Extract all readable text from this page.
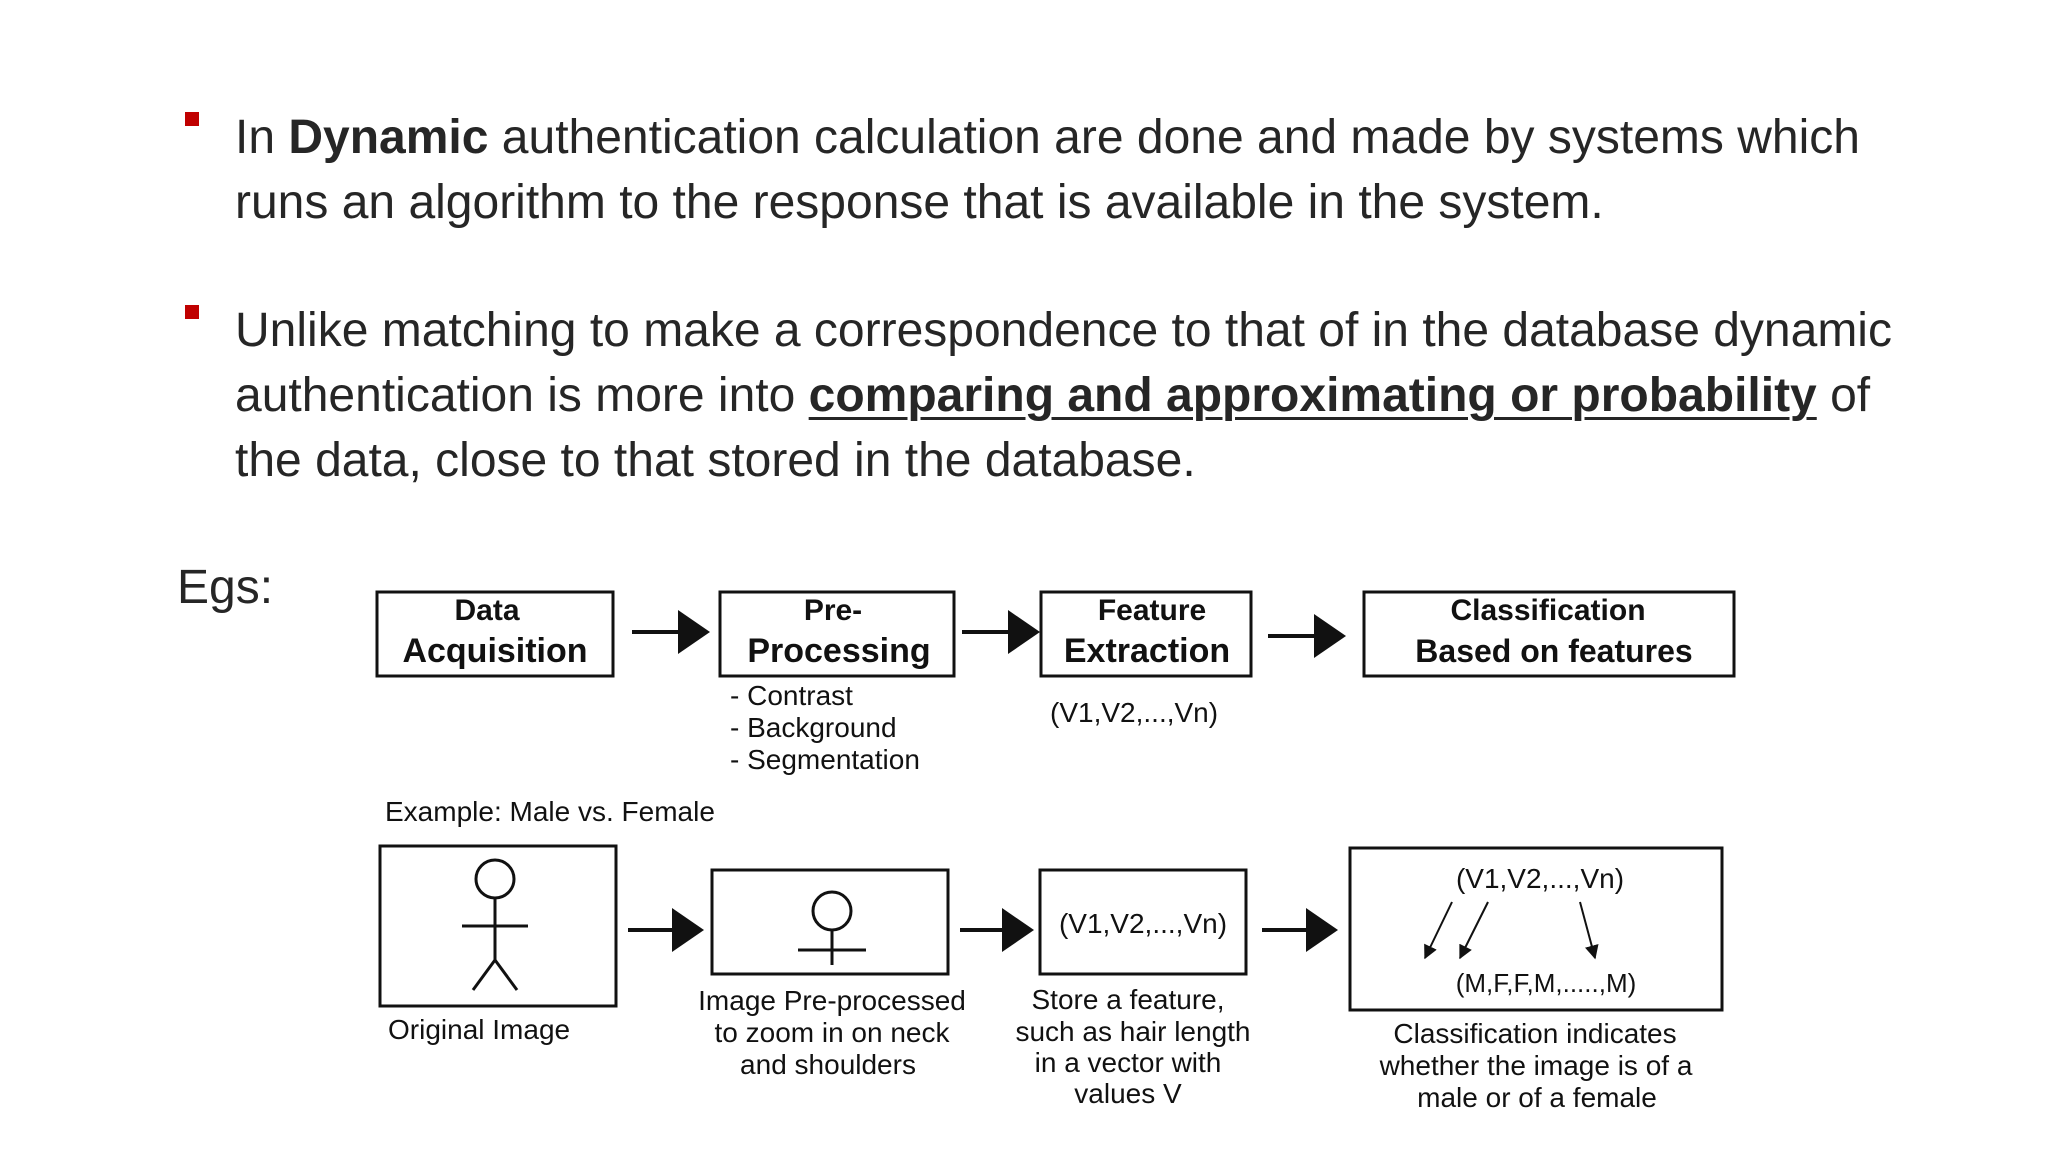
In Dynamic authentication calculation are done and made by systems which runs an algorithm to the response that is available in the system.
Unlike matching to make a correspondence to that of in the database dynamic authentication is more into comparing and approximating or probability of the data, close to that stored in the database.
Egs:	Data
Acquisition
Pre-
Processing
Feature
Extraction
Classification
Based on features
- Contrast
- Background
- Segmentation
(V1,V2,...,Vn)
Example: Male vs. Female
(V1,V2,...,Vn)
(V1,V2,...,Vn)
(M,F,F,M,.....,M)
Original Image
Image Pre-processed
to zoom in on neck
and shoulders
Store a feature,
such as hair length
in a vector with
values V
Classification indicates
whether the image is of a
male or of a female
